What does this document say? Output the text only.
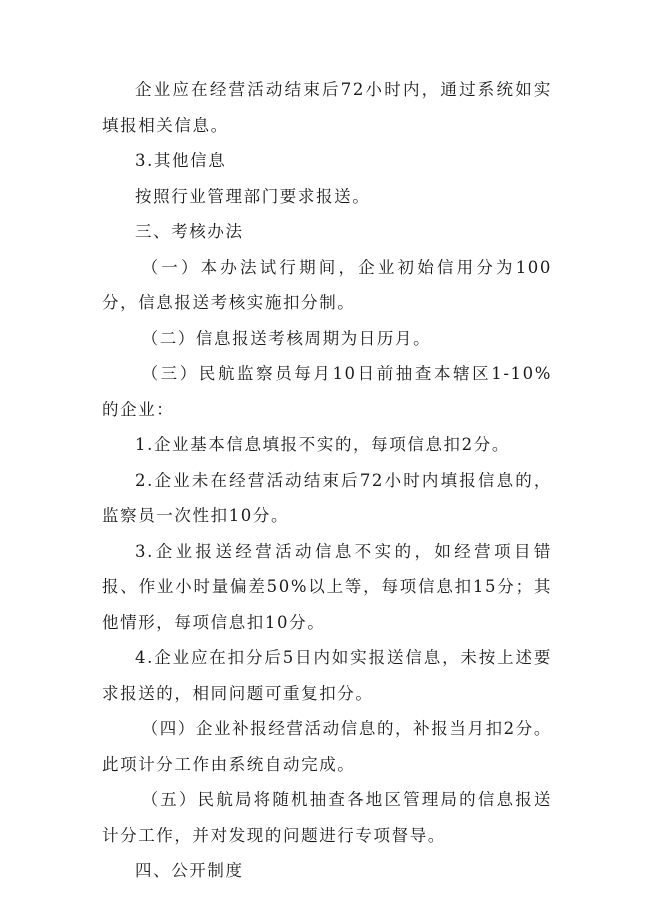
企业应在经营活动结束后72小时内，通过系统如实填报相关信息。

3.其他信息

按照行业管理部门要求报送。

三、考核办法

（一）本办法试行期间，企业初始信用分为100分，信息报送考核实施扣分制。

（二）信息报送考核周期为日历月。

（三）民航监察员每月10日前抽查本辖区1-10%的企业：

1.企业基本信息填报不实的，每项信息扣2分。

2.企业未在经营活动结束后72小时内填报信息的，监察员一次性扣10分。

3.企业报送经营活动信息不实的，如经营项目错报、作业小时量偏差50%以上等，每项信息扣15分；其他情形，每项信息扣10分。

4.企业应在扣分后5日内如实报送信息，未按上述要求报送的，相同问题可重复扣分。

（四）企业补报经营活动信息的，补报当月扣2分。此项计分工作由系统自动完成。

（五）民航局将随机抽查各地区管理局的信息报送计分工作，并对发现的问题进行专项督导。

四、公开制度
